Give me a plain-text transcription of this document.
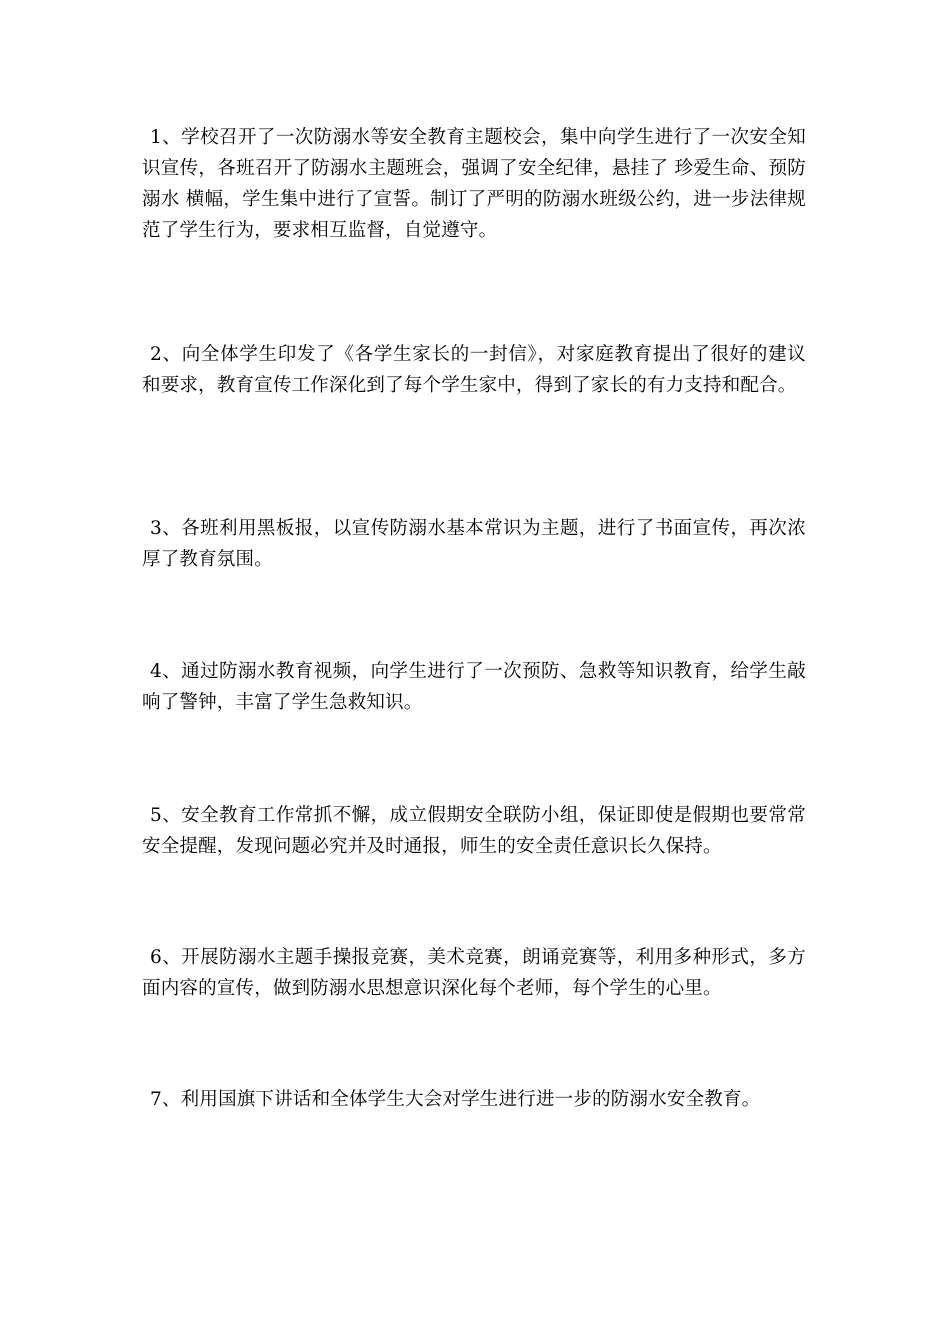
1、学校召开了一次防溺水等安全教育主题校会，集中向学生进行了一次安全知识宣传，各班召开了防溺水主题班会，强调了安全纪律，悬挂了 珍爱生命、预防溺水 横幅，学生集中进行了宣誓。制订了严明的防溺水班级公约，进一步法律规范了学生行为，要求相互监督，自觉遵守。

2、向全体学生印发了《各学生家长的一封信》，对家庭教育提出了很好的建议和要求，教育宣传工作深化到了每个学生家中，得到了家长的有力支持和配合。

3、各班利用黑板报，以宣传防溺水基本常识为主题，进行了书面宣传，再次浓厚了教育氛围。

4、通过防溺水教育视频，向学生进行了一次预防、急救等知识教育，给学生敲响了警钟，丰富了学生急救知识。

5、安全教育工作常抓不懈，成立假期安全联防小组，保证即使是假期也要常常安全提醒，发现问题必究并及时通报，师生的安全责任意识长久保持。

6、开展防溺水主题手操报竞赛，美术竞赛，朗诵竞赛等，利用多种形式，多方面内容的宣传，做到防溺水思想意识深化每个老师，每个学生的心里。

7、利用国旗下讲话和全体学生大会对学生进行进一步的防溺水安全教育。
